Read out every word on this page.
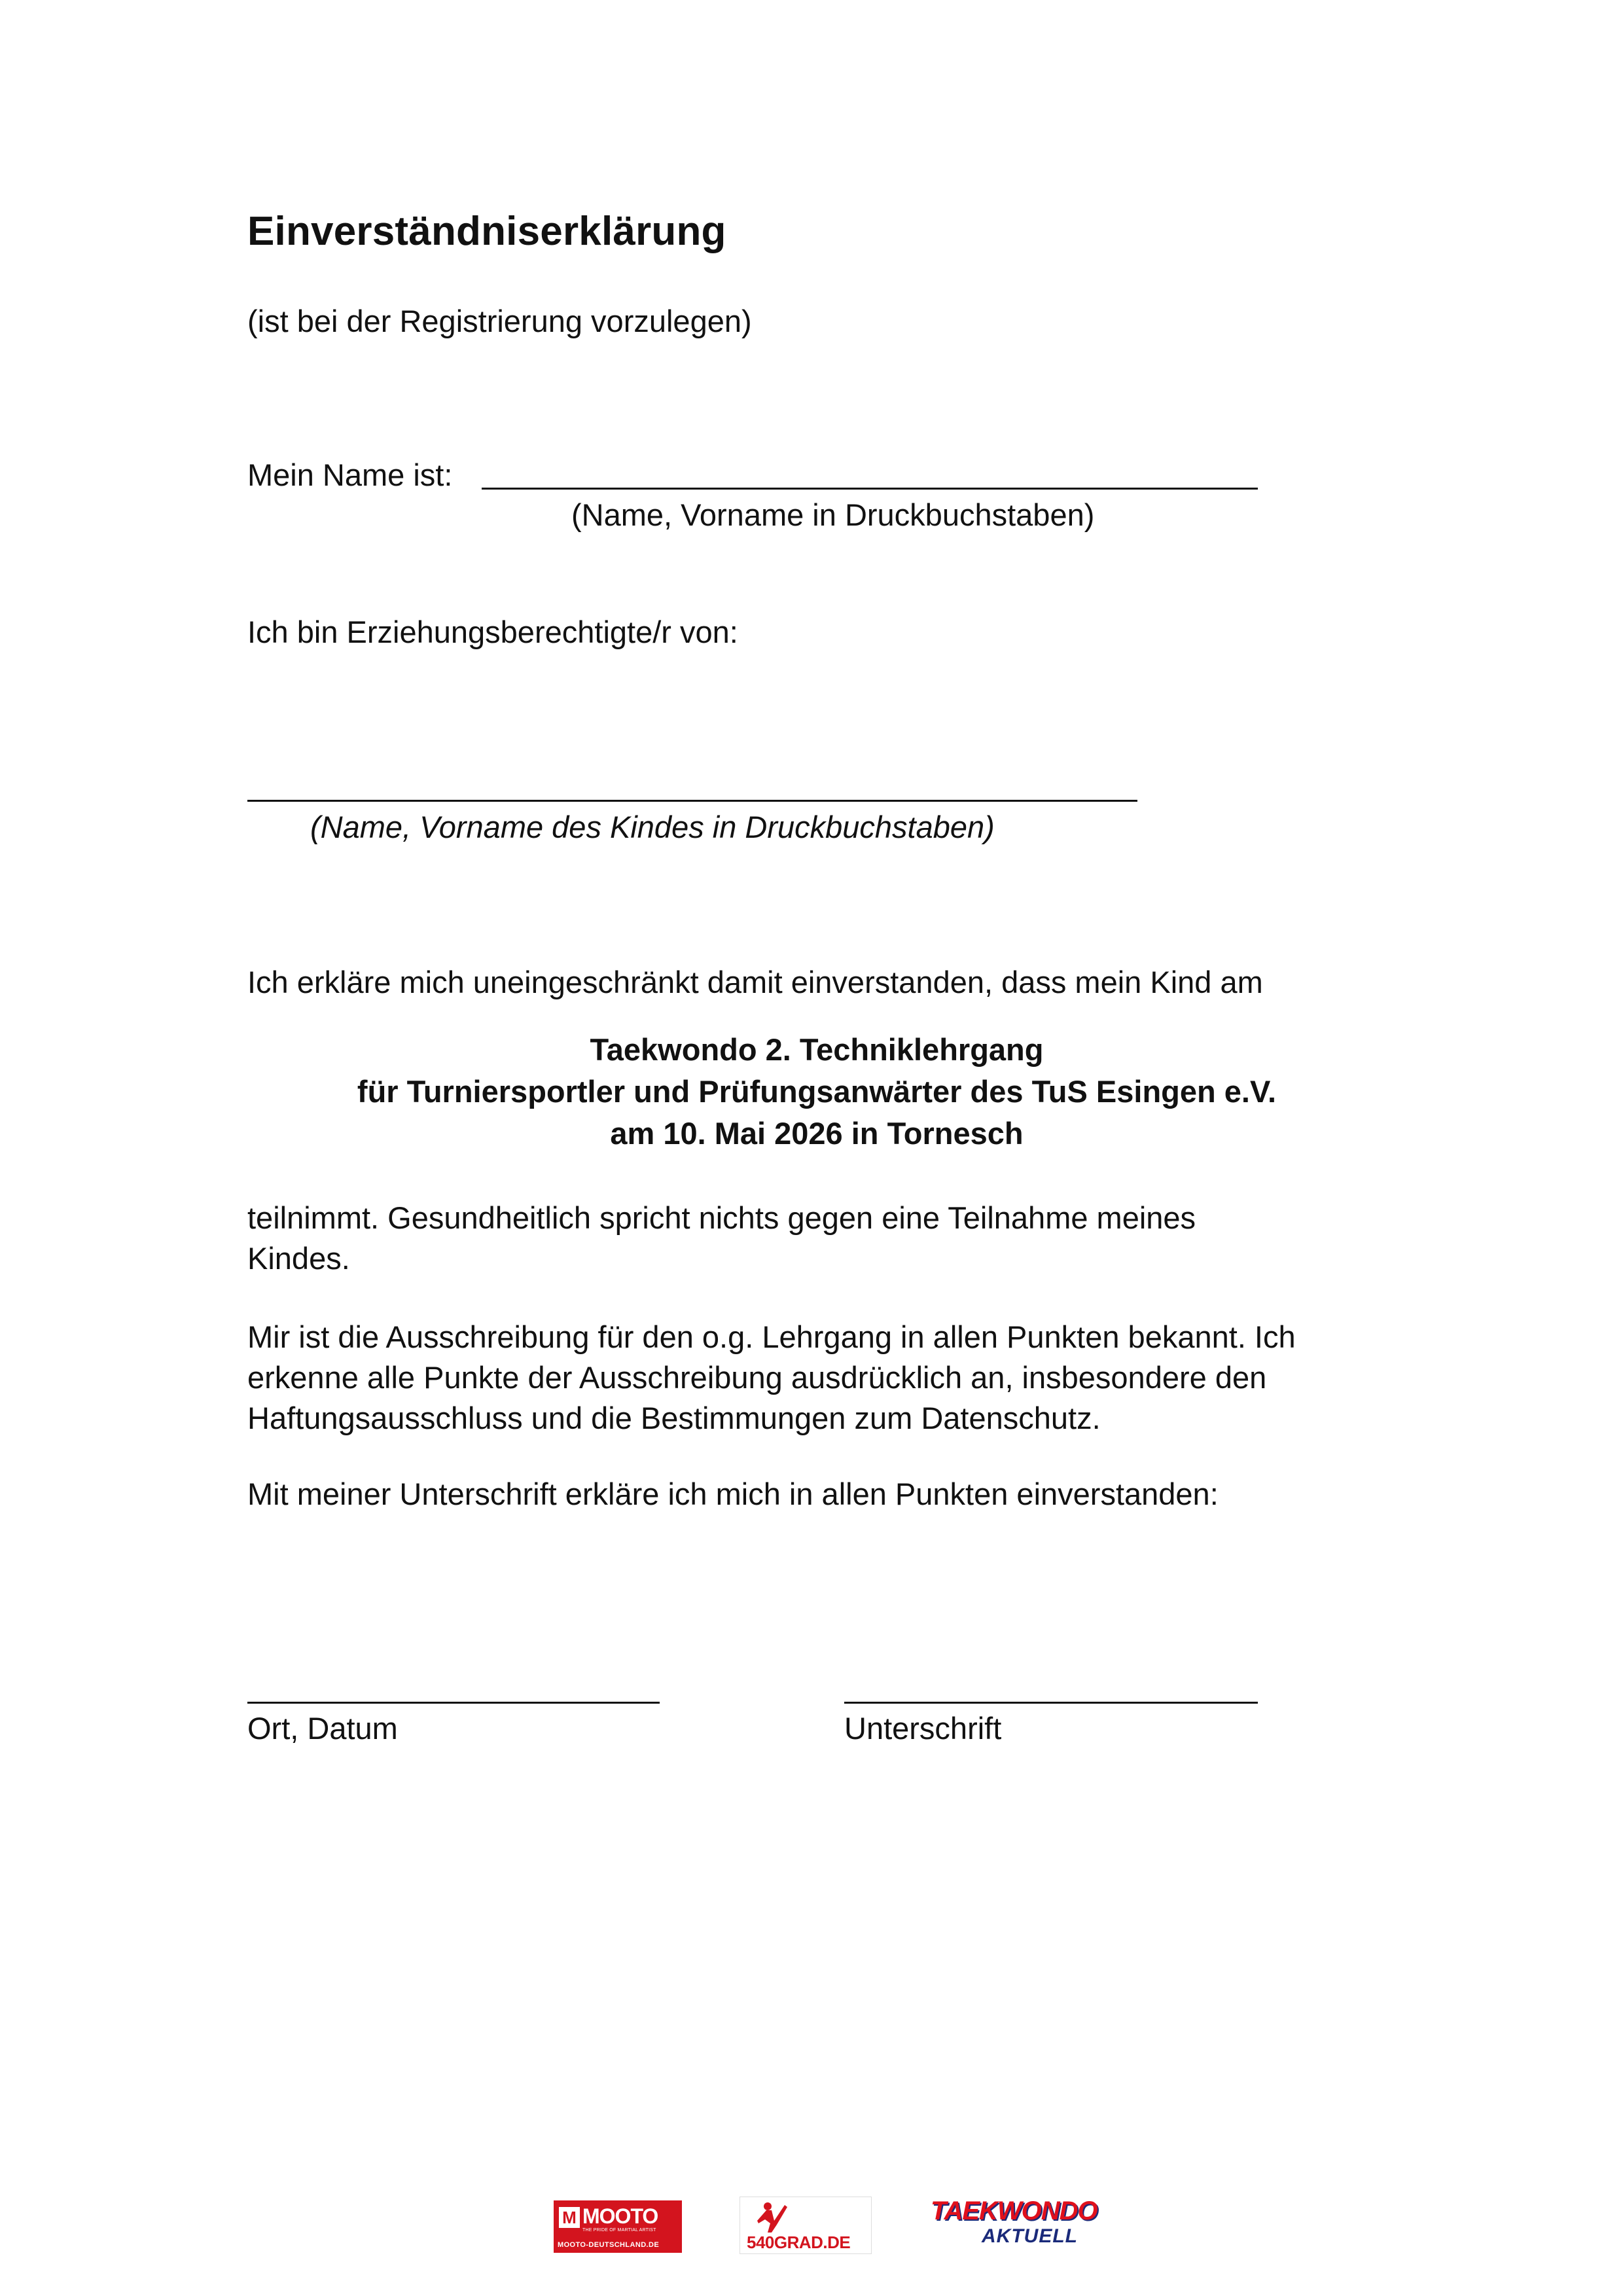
Einverständniserklärung
(ist bei der Registrierung vorzulegen)
Mein Name ist:
(Name, Vorname in Druckbuchstaben)
Ich bin Erziehungsberechtigte/r von:
(Name, Vorname des Kindes in Druckbuchstaben)
Ich erkläre mich uneingeschränkt damit einverstanden, dass mein Kind am
Taekwondo 2. Techniklehrgang
für Turniersportler und Prüfungsanwärter des TuS Esingen e.V.
am 10. Mai 2026 in Tornesch
teilnimmt. Gesundheitlich spricht nichts gegen eine Teilnahme meines
Kindes.
Mir ist die Ausschreibung für den o.g. Lehrgang in allen Punkten bekannt. Ich
erkenne alle Punkte der Ausschreibung ausdrücklich an, insbesondere den
Haftungsausschluss und die Bestimmungen zum Datenschutz.
Mit meiner Unterschrift erkläre ich mich in allen Punkten einverstanden:
Ort, Datum	Unterschrift
M MOOTO
THE PRIDE OF MARTIAL ARTIST
MOOTO-DEUTSCHLAND.DE	540GRAD.DE
TAEKWONDO
AKTUELL
